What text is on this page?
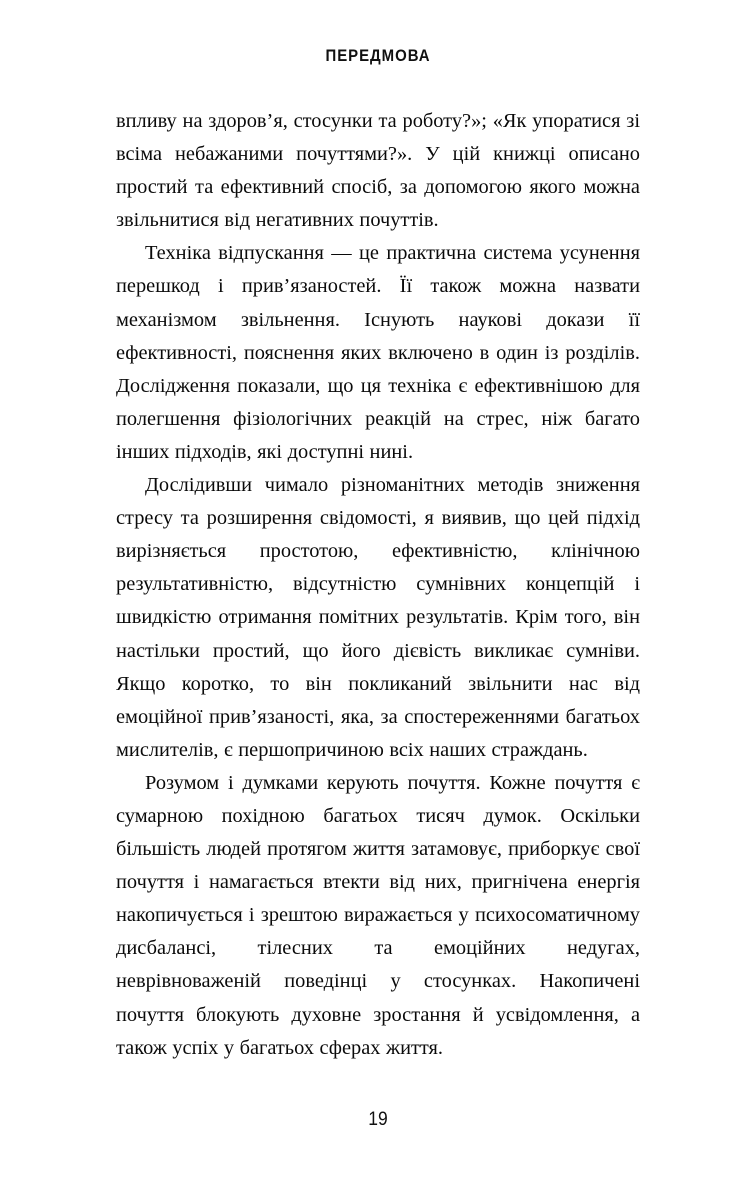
ПЕРЕДМОВА

впливу на здоров’я, стосунки та роботу?»; «Як упоратися зі всіма небажаними почуттями?». У цій книжці описано простий та ефективний спосіб, за допомогою якого можна звільнитися від негативних почуттів.

Техніка відпускання — це практична система усунення перешкод і прив’язаностей. Її також можна назвати механізмом звільнення. Існують наукові докази її ефективності, пояснення яких включено в один із розділів. Дослідження показали, що ця техніка є ефективнішою для полегшення фізіологічних реакцій на стрес, ніж багато інших підходів, які доступні нині.

Дослідивши чимало різноманітних методів зниження стресу та розширення свідомості, я виявив, що цей підхід вирізняється простотою, ефективністю, клінічною результативністю, відсутністю сумнівних концепцій і швидкістю отримання помітних результатів. Крім того, він настільки простий, що його дієвість викликає сумніви. Якщо коротко, то він покликаний звільнити нас від емоційної прив’язаності, яка, за спостереженнями багатьох мислителів, є першопричиною всіх наших страждань.

Розумом і думками керують почуття. Кожне почуття є сумарною похідною багатьох тисяч думок. Оскільки більшість людей протягом життя затамовує, приборкує свої почуття і намагається втекти від них, пригнічена енергія накопичується і зрештою виражається у психосоматичному дисбалансі, тілесних та емоційних недугах, неврівноваженій поведінці у стосунках. Накопичені почуття блокують духовне зростання й усвідомлення, а також успіх у багатьох сферах життя.

19
